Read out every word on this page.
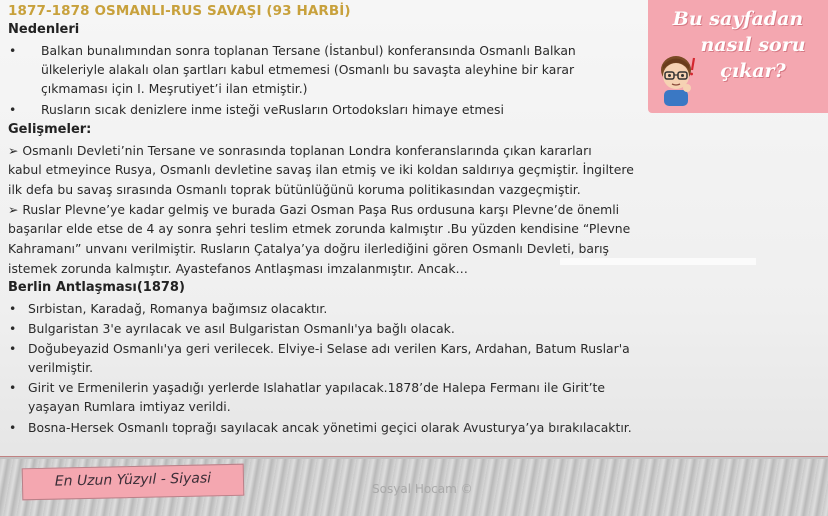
1877-1878 OSMANLI-RUS SAVAŞI (93 HARBİ)
Nedenleri
• Balkan bunalımından sonra toplanan Tersane (İstanbul) konferansında Osmanlı Balkan
ülkeleriyle alakalı olan şartları kabul etmemesi (Osmanlı bu savaşta aleyhine bir karar
çıkmaması için I. Meşrutiyet’i ilan etmiştir.)
• Rusların sıcak denizlere inme isteği veRusların Ortodoksları himaye etmesi
Gelişmeler:
➢ Osmanlı Devleti’nin Tersane ve sonrasında toplanan Londra konferanslarında çıkan kararları
kabul etmeyince Rusya, Osmanlı devletine savaş ilan etmiş ve iki koldan saldırıya geçmiştir. İngiltere
ilk defa bu savaş sırasında Osmanlı toprak bütünlüğünü koruma politikasından vazgeçmiştir.
➢ Ruslar Plevne’ye kadar gelmiş ve burada Gazi Osman Paşa Rus ordusuna karşı Plevne’de önemli
başarılar elde etse de 4 ay sonra şehri teslim etmek zorunda kalmıştır .Bu yüzden kendisine “Plevne
Kahramanı” unvanı verilmiştir. Rusların Çatalya’ya doğru ilerlediğini gören Osmanlı Devleti, barış
istemek zorunda kalmıştır. Ayastefanos Antlaşması imzalanmıştır. Ancak…
Berlin Antlaşması(1878)
• Sırbistan, Karadağ, Romanya bağımsız olacaktır.
• Bulgaristan 3'e ayrılacak ve asıl Bulgaristan Osmanlı'ya bağlı olacak.
• Doğubeyazid Osmanlı'ya geri verilecek. Elviye-i Selase adı verilen Kars, Ardahan, Batum Ruslar'a
verilmiştir.
• Girit ve Ermenilerin yaşadığı yerlerde Islahatlar yapılacak.1878’de Halepa Fermanı ile Girit’te
yaşayan Rumlara imtiyaz verildi.
• Bosna-Hersek Osmanlı toprağı sayılacak ancak yönetimi geçici olarak Avusturya’ya bırakılacaktır.
Bu sayfadan
nasıl soru
çıkar?
En Uzun Yüzyıl - Siyasi	Sosyal Hocam ©
